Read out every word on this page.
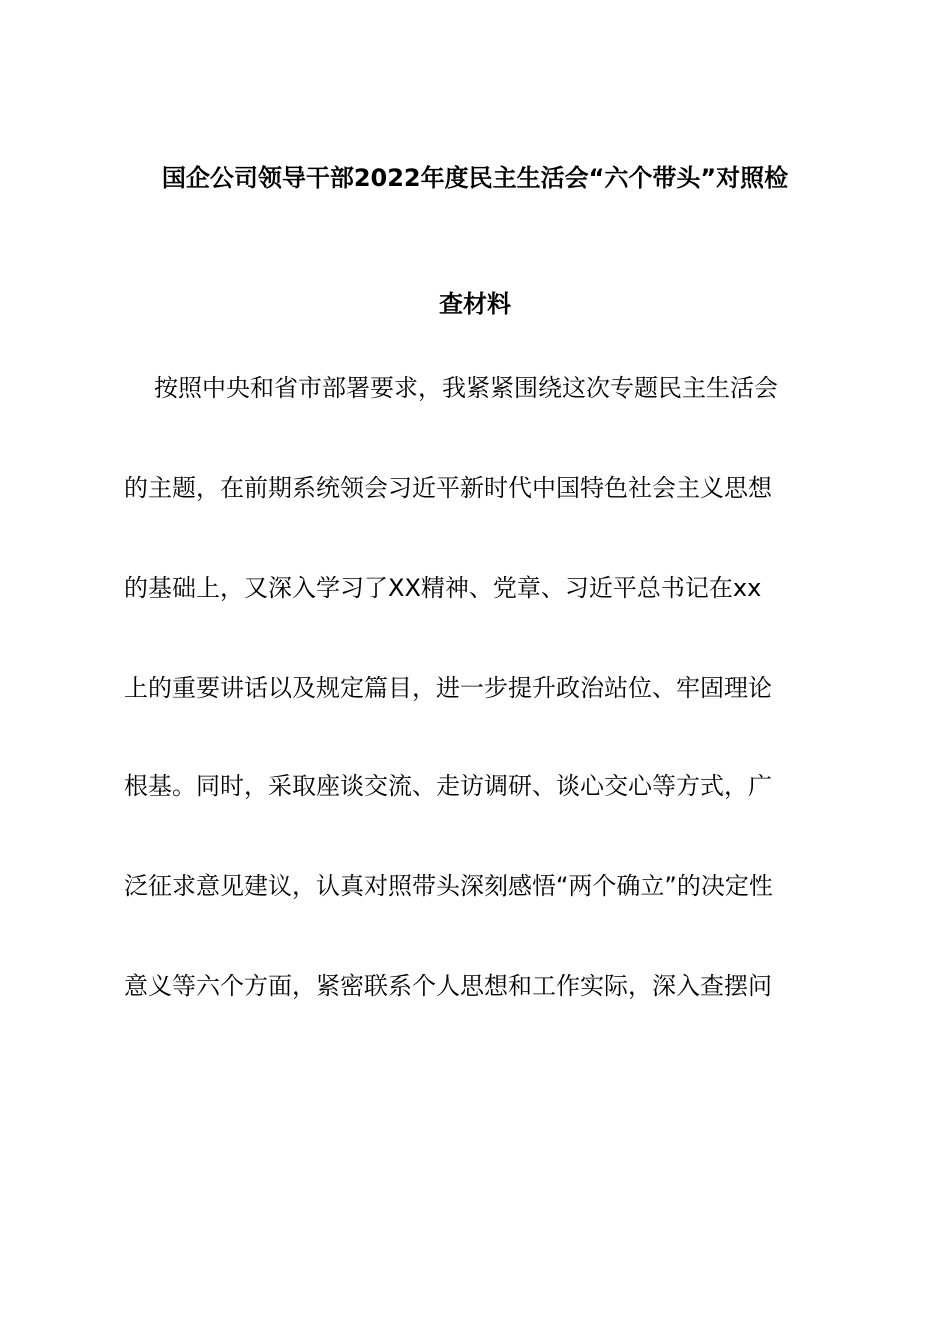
国企公司领导干部2022年度民主生活会“六个带头”对照检
查材料
按照中央和省市部署要求，我紧紧围绕这次专题民主生活会
的主题，在前期系统领会习近平新时代中国特色社会主义思想
的基础上，又深入学习了XX精神、党章、习近平总书记在xx
上的重要讲话以及规定篇目，进一步提升政治站位、牢固理论
根基。同时，采取座谈交流、走访调研、谈心交心等方式，广
泛征求意见建议，认真对照带头深刻感悟“两个确立”的决定性
意义等六个方面，紧密联系个人思想和工作实际，深入查摆问
